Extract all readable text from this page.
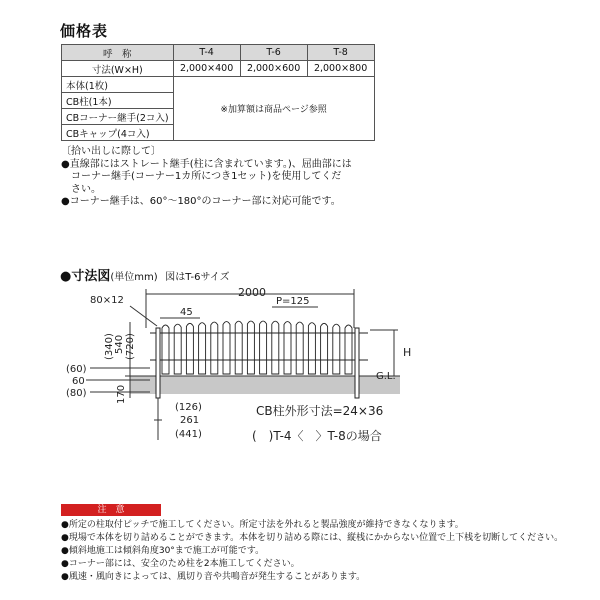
価格表
呼　称	T-4	T-6	T-8
寸法(W×H)	2,000×400	2,000×600	2,000×800
本体(1枚)	※加算額は商品ページ参照		
CB柱(1本)			
CBコーナー継手(2コ入)			
CBキャップ(4コ入)			
〔拾い出しに際して〕
●直線部にはストレート継手(柱に含まれています。)、屈曲部には
コーナー継手(コーナー1カ所につき1セット)を使用してくだ
さい。
●コーナー継手は、60°～180°のコーナー部に対応可能です。
●寸法図(単位mm) 図はT-6サイズ
2000
P=125
80×12
45
(340) 540 (720)
(60)
60
(80)	170
(126)
261
(441)
H
G.L.
CB柱外形寸法=24×36
(　)T-4〈　〉T-8の場合
注　意
●所定の柱取付ピッチで施工してください。所定寸法を外れると製品強度が維持できなくなります。
●現場で本体を切り詰めることができます。本体を切り詰める際には、縦桟にかからない位置で上下桟を切断してください。
●傾斜地施工は傾斜角度30°まで施工が可能です。
●コーナー部には、安全のため柱を2本施工してください。
●風速・風向きによっては、風切り音や共鳴音が発生することがあります。
